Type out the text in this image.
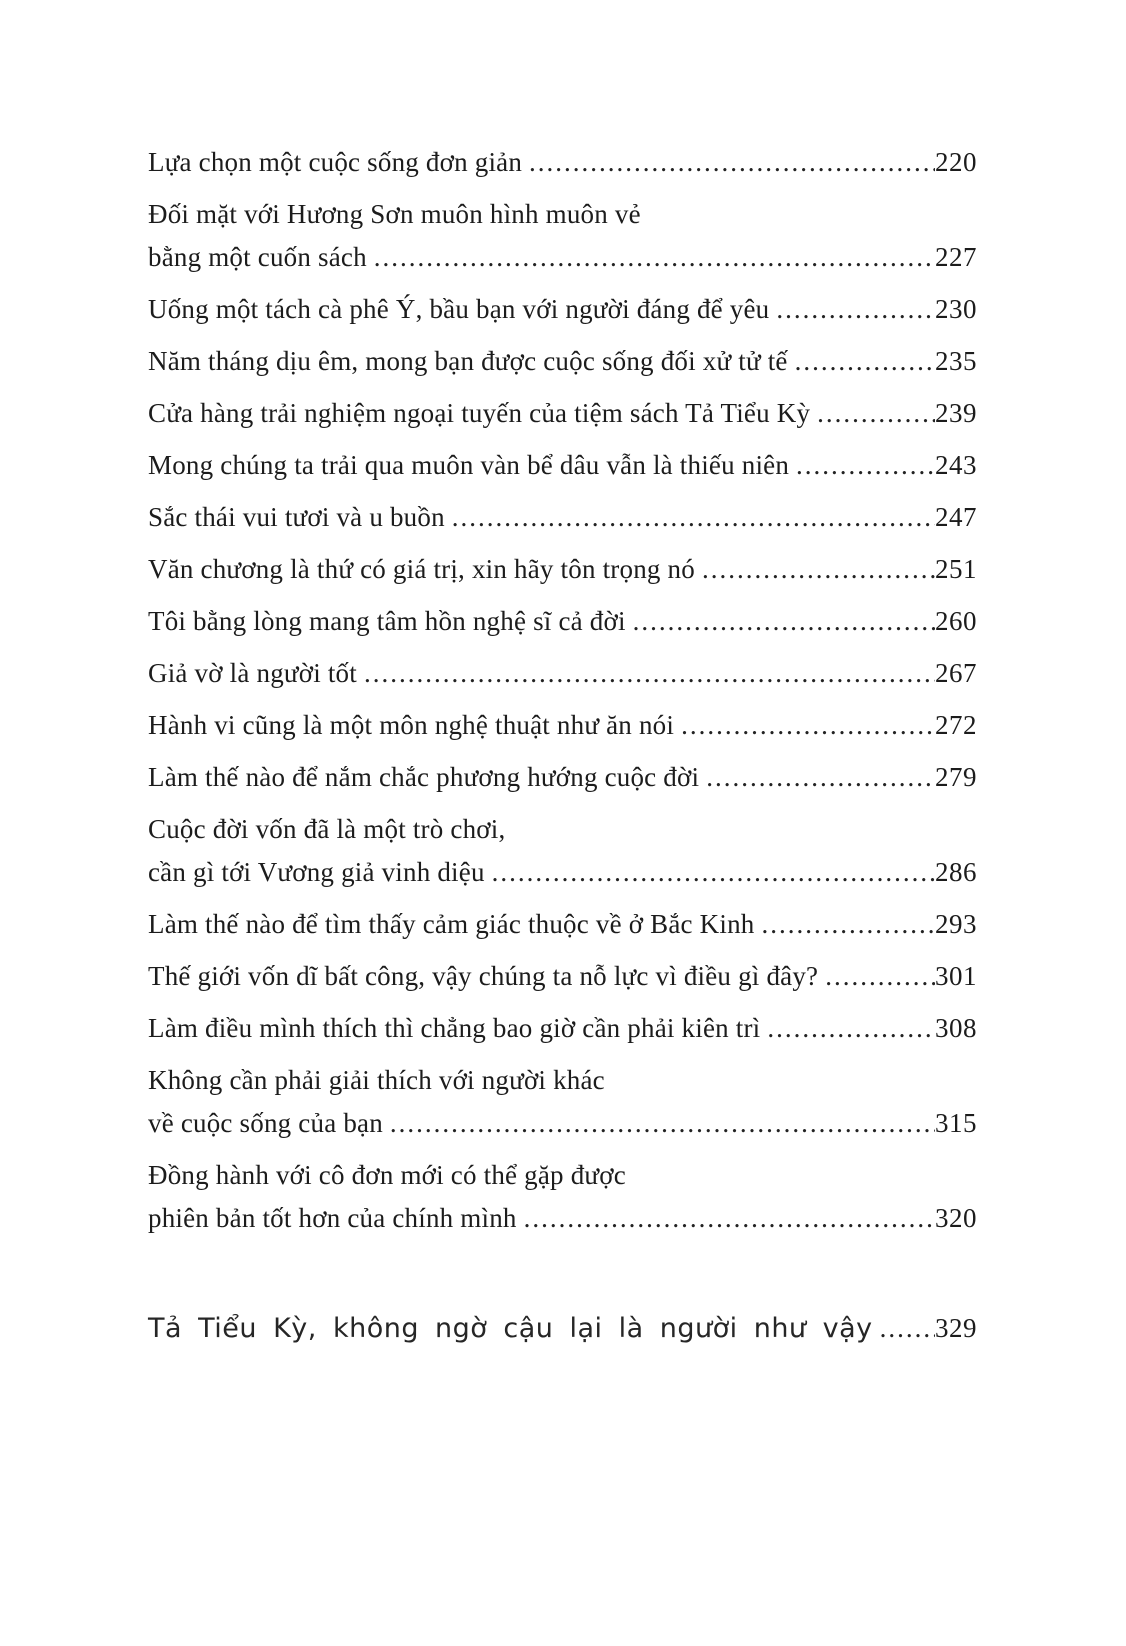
Lựa chọn một cuộc sống đơn giản .....	220
Đối mặt với Hương Sơn muôn hình muôn vẻ
bằng một cuốn sách .....	227
Uống một tách cà phê Ý, bầu bạn với người đáng để yêu .....	230
Năm tháng dịu êm, mong bạn được cuộc sống đối xử tử tế .....	235
Cửa hàng trải nghiệm ngoại tuyến của tiệm sách Tả Tiểu Kỳ .....	239
Mong chúng ta trải qua muôn vàn bể dâu vẫn là thiếu niên .....	243
Sắc thái vui tươi và u buồn .....	247
Văn chương là thứ có giá trị, xin hãy tôn trọng nó .....	251
Tôi bằng lòng mang tâm hồn nghệ sĩ cả đời .....	260
Giả vờ là người tốt .....	267
Hành vi cũng là một môn nghệ thuật như ăn nói .....	272
Làm thế nào để nắm chắc phương hướng cuộc đời .....	279
Cuộc đời vốn đã là một trò chơi,
cần gì tới Vương giả vinh diệu .....	286
Làm thế nào để tìm thấy cảm giác thuộc về ở Bắc Kinh .....	293
Thế giới vốn dĩ bất công, vậy chúng ta nỗ lực vì điều gì đây? .....	301
Làm điều mình thích thì chẳng bao giờ cần phải kiên trì .....	308
Không cần phải giải thích với người khác
về cuộc sống của bạn .....	315
Đồng hành với cô đơn mới có thể gặp được
phiên bản tốt hơn của chính mình .....	320
Tả Tiểu Kỳ, không ngờ cậu lại là người như vậy ..... 329
